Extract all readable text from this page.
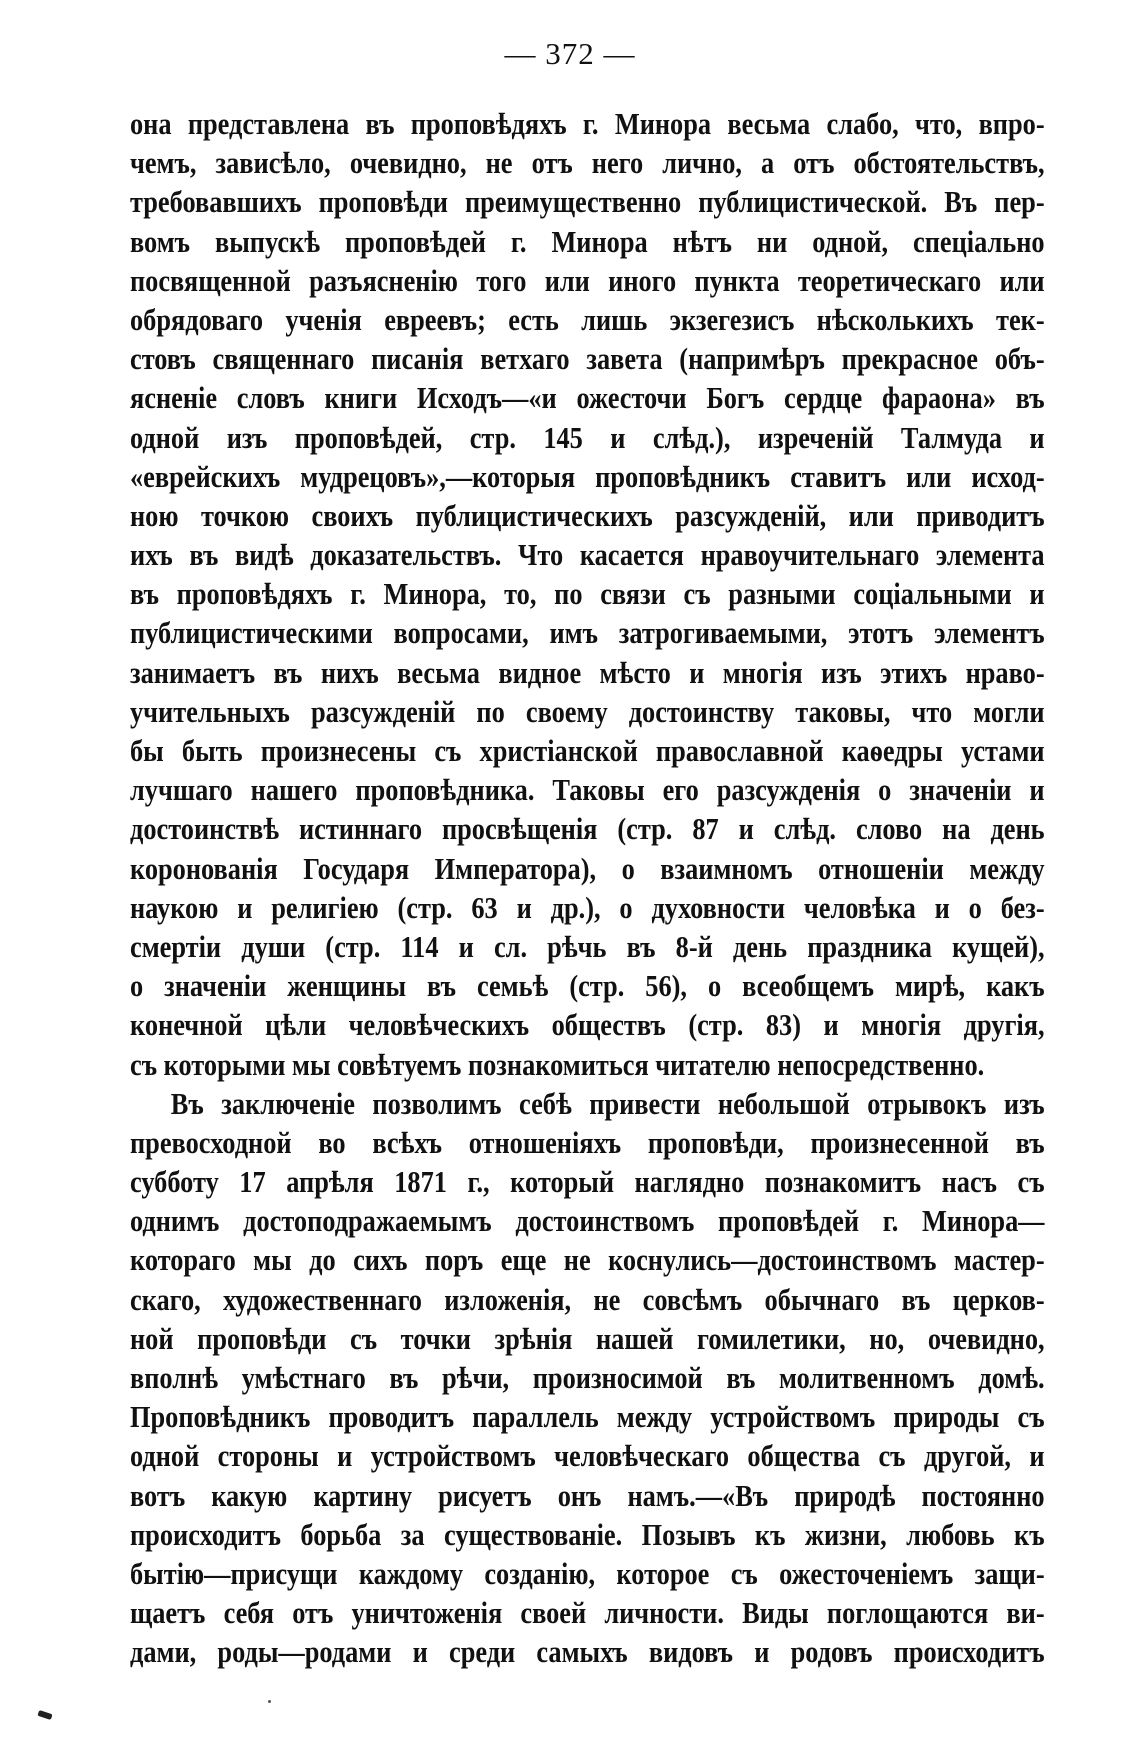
— 372 —
она представлена въ проповѣдяхъ г. Минора весьма слабо, что, впро-
чемъ, зависѣло, очевидно, не отъ него лично, а отъ обстоятельствъ,
требовавшихъ проповѣди преимущественно публицистической. Въ пер-
вомъ выпускѣ проповѣдей г. Минора нѣтъ ни одной, спеціально
посвященной разъясненію того или иного пункта теоретическаго или
обрядоваго ученія евреевъ; есть лишь экзегезисъ нѣсколькихъ тек-
стовъ священнаго писанія ветхаго завета (напримѣръ прекрасное объ-
ясненіе словъ книги Исходъ—«и ожесточи Богъ сердце фараона» въ
одной изъ проповѣдей, стр. 145 и слѣд.), изреченій Талмуда и
«еврейскихъ мудрецовъ»,—которыя проповѣдникъ ставитъ или исход-
ною точкою своихъ публицистическихъ разсужденій, или приводитъ
ихъ въ видѣ доказательствъ. Что касается нравоучительнаго элемента
въ проповѣдяхъ г. Минора, то, по связи съ разными соціальными и
публицистическими вопросами, имъ затрогиваемыми, этотъ элементъ
занимаетъ въ нихъ весьма видное мѣсто и многія изъ этихъ нраво-
учительныхъ разсужденій по своему достоинству таковы, что могли
бы быть произнесены съ христіанской православной каѳедры устами
лучшаго нашего проповѣдника. Таковы его разсужденія о значеніи и
достоинствѣ истиннаго просвѣщенія (стр. 87 и слѣд. слово на день
коронованія Государя Императора), о взаимномъ отношеніи между
наукою и религіею (стр. 63 и др.), о духовности человѣка и о без-
смертіи души (стр. 114 и сл. рѣчь въ 8-й день праздника кущей),
о значеніи женщины въ семьѣ (стр. 56), о всеобщемъ мирѣ, какъ
конечной цѣли человѣческихъ обществъ (стр. 83) и многія другія,
съ которыми мы совѣтуемъ познакомиться читателю непосредственно.
Въ заключеніе позволимъ себѣ привести небольшой отрывокъ изъ
превосходной во всѣхъ отношеніяхъ проповѣди, произнесенной въ
субботу 17 апрѣля 1871 г., который наглядно познакомитъ насъ съ
однимъ достоподражаемымъ достоинствомъ проповѣдей г. Минора—
котораго мы до сихъ поръ еще не коснулись—достоинствомъ мастер-
скаго, художественнаго изложенія, не совсѣмъ обычнаго въ церков-
ной проповѣди съ точки зрѣнія нашей гомилетики, но, очевидно,
вполнѣ умѣстнаго въ рѣчи, произносимой въ молитвенномъ домѣ.
Проповѣдникъ проводитъ параллель между устройствомъ природы съ
одной стороны и устройствомъ человѣческаго общества съ другой, и
вотъ какую картину рисуетъ онъ намъ.—«Въ природѣ постоянно
происходитъ борьба за существованіе. Позывъ къ жизни, любовь къ
бытію—присущи каждому созданію, которое съ ожесточеніемъ защи-
щаетъ себя отъ уничтоженія своей личности. Виды поглощаются ви-
дами, роды—родами и среди самыхъ видовъ и родовъ происходитъ
